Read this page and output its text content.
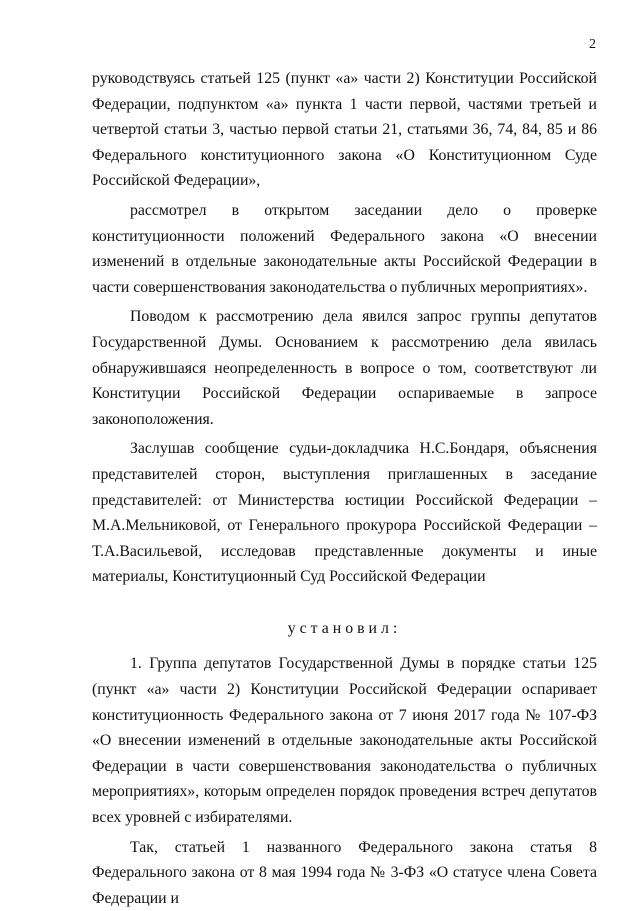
2

руководствуясь статьей 125 (пункт «а» части 2) Конституции Российской Федерации, подпунктом «а» пункта 1 части первой, частями третьей и четвертой статьи 3, частью первой статьи 21, статьями 36, 74, 84, 85 и 86 Федерального конституционного закона «О Конституционном Суде Российской Федерации»,

рассмотрел в открытом заседании дело о проверке конституционности положений Федерального закона «О внесении изменений в отдельные законодательные акты Российской Федерации в части совершенствования законодательства о публичных мероприятиях».

Поводом к рассмотрению дела явился запрос группы депутатов Государственной Думы. Основанием к рассмотрению дела явилась обнаружившаяся неопределенность в вопросе о том, соответствуют ли Конституции Российской Федерации оспариваемые в запросе законоположения.

Заслушав сообщение судьи-докладчика Н.С.Бондаря, объяснения представителей сторон, выступления приглашенных в заседание представителей: от Министерства юстиции Российской Федерации – М.А.Мельниковой, от Генерального прокурора Российской Федерации – Т.А.Васильевой, исследовав представленные документы и иные материалы, Конституционный Суд Российской Федерации

установил:

1. Группа депутатов Государственной Думы в порядке статьи 125 (пункт «а» части 2) Конституции Российской Федерации оспаривает конституционность Федерального закона от 7 июня 2017 года № 107-ФЗ «О внесении изменений в отдельные законодательные акты Российской Федерации в части совершенствования законодательства о публичных мероприятиях», которым определен порядок проведения встреч депутатов всех уровней с избирателями.

Так, статьей 1 названного Федерального закона статья 8 Федерального закона от 8 мая 1994 года № 3-ФЗ «О статусе члена Совета Федерации и
